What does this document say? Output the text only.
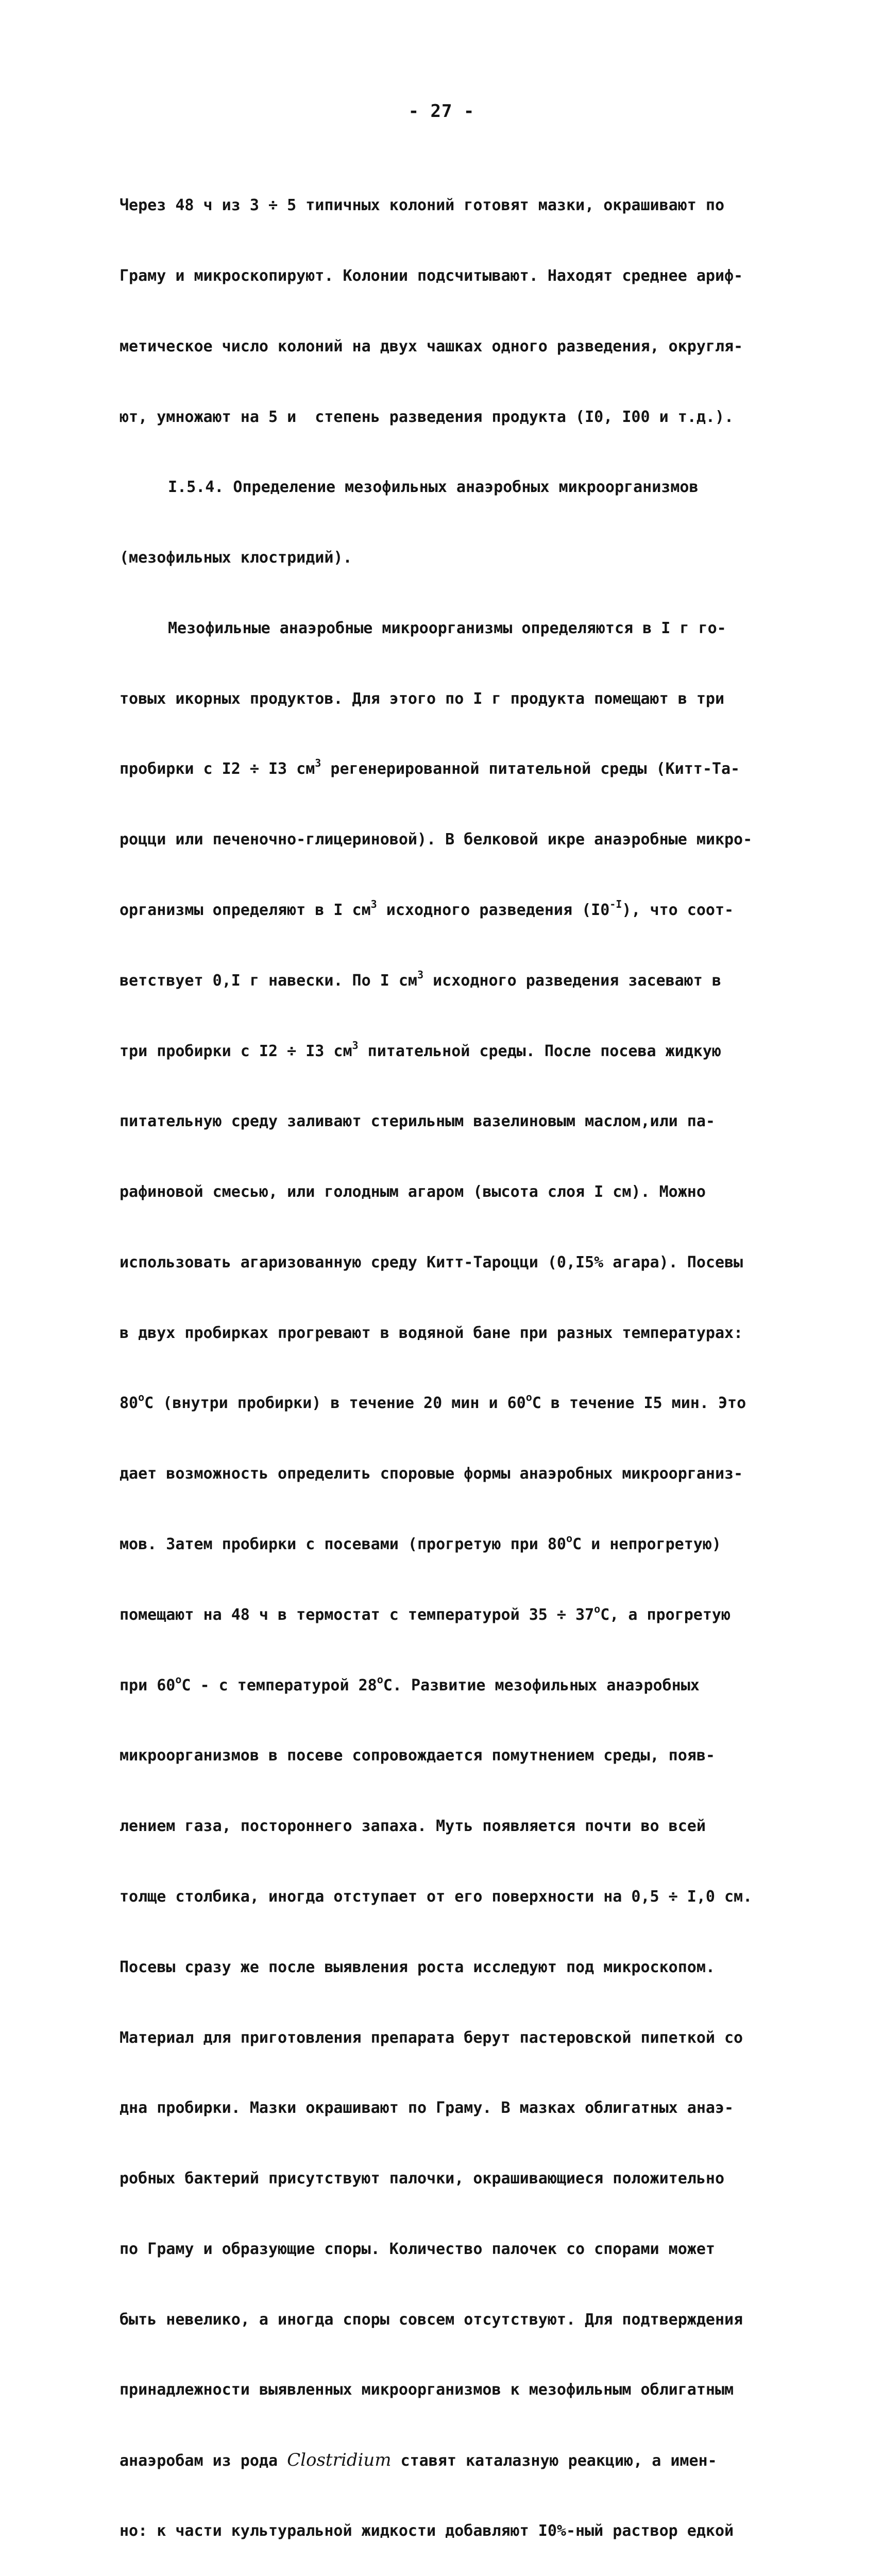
- 27 -

Через 48 ч из 3 ÷ 5 типичных колоний готовят мазки, окрашивают по

Граму и микроскопируют. Колонии подсчитывают. Находят среднее ариф-

метическое число колоний на двух чашках одного разведения, округля-

ют, умножают на 5 и  степень разведения продукта (I0, I00 и т.д.).

I.5.4. Определение мезофильных анаэробных микроорганизмов

(мезофильных клостридий).

Мезофильные анаэробные микроорганизмы определяются в I г го-

товых икорных продуктов. Для этого по I г продукта помещают в три

пробирки с I2 ÷ I3 $см^3$ регенерированной питательной среды (Китт-Та-

роцци или печеночно-глицериновой). В белковой икре анаэробные микро-

организмы определяют в I $см^3$ исходного разведения $(I0^{-I})$, что соот-

ветствует 0,I г навески. По I $см^3$ исходного разведения засевают в

три пробирки с I2 ÷ I3 $см^3$ питательной среды. После посева жидкую

питательную среду заливают стерильным вазелиновым маслом,или па-

рафиновой смесью, или голодным агаром (высота слоя I см). Можно

использовать агаризованную среду Китт-Тароцци (0,I5% агара). Посевы

в двух пробирках прогревают в водяной бане при разных температурах:

80$^o$С (внутри пробирки) в течение 20 мин и 60$^o$С в течение I5 мин. Это

дает возможность определить споровые формы анаэробных микроорганиз-

мов. Затем пробирки с посевами (прогретую при 80$^o$С и непрогретую)

помещают на 48 ч в термостат с температурой $35 \div 37^oС$, а прогретую

при 60$^o$С - с температурой 28$^o$С. Развитие мезофильных анаэробных

микроорганизмов в посеве сопровождается помутнением среды, появ-

лением газа, постороннего запаха. Муть появляется почти во всей

толще столбика, иногда отступает от его поверхности на 0,5 ÷ I,0 см.

Посевы сразу же после выявления роста исследуют под микроскопом.

Материал для приготовления препарата берут пастеровской пипеткой со

дна пробирки. Мазки окрашивают по Граму. В мазках облигатных анаэ-

робных бактерий присутствуют палочки, окрашивающиеся положительно

по Граму и образующие споры. Количество палочек со спорами может

быть невелико, а иногда споры совсем отсутствуют. Для подтверждения

принадлежности выявленных микроорганизмов к мезофильным облигатным

анаэробам из рода Clostridium ставят каталазную реакцию, а имен-

но: к части культуральной жидкости добавляют I0%-ный раствор едкой
